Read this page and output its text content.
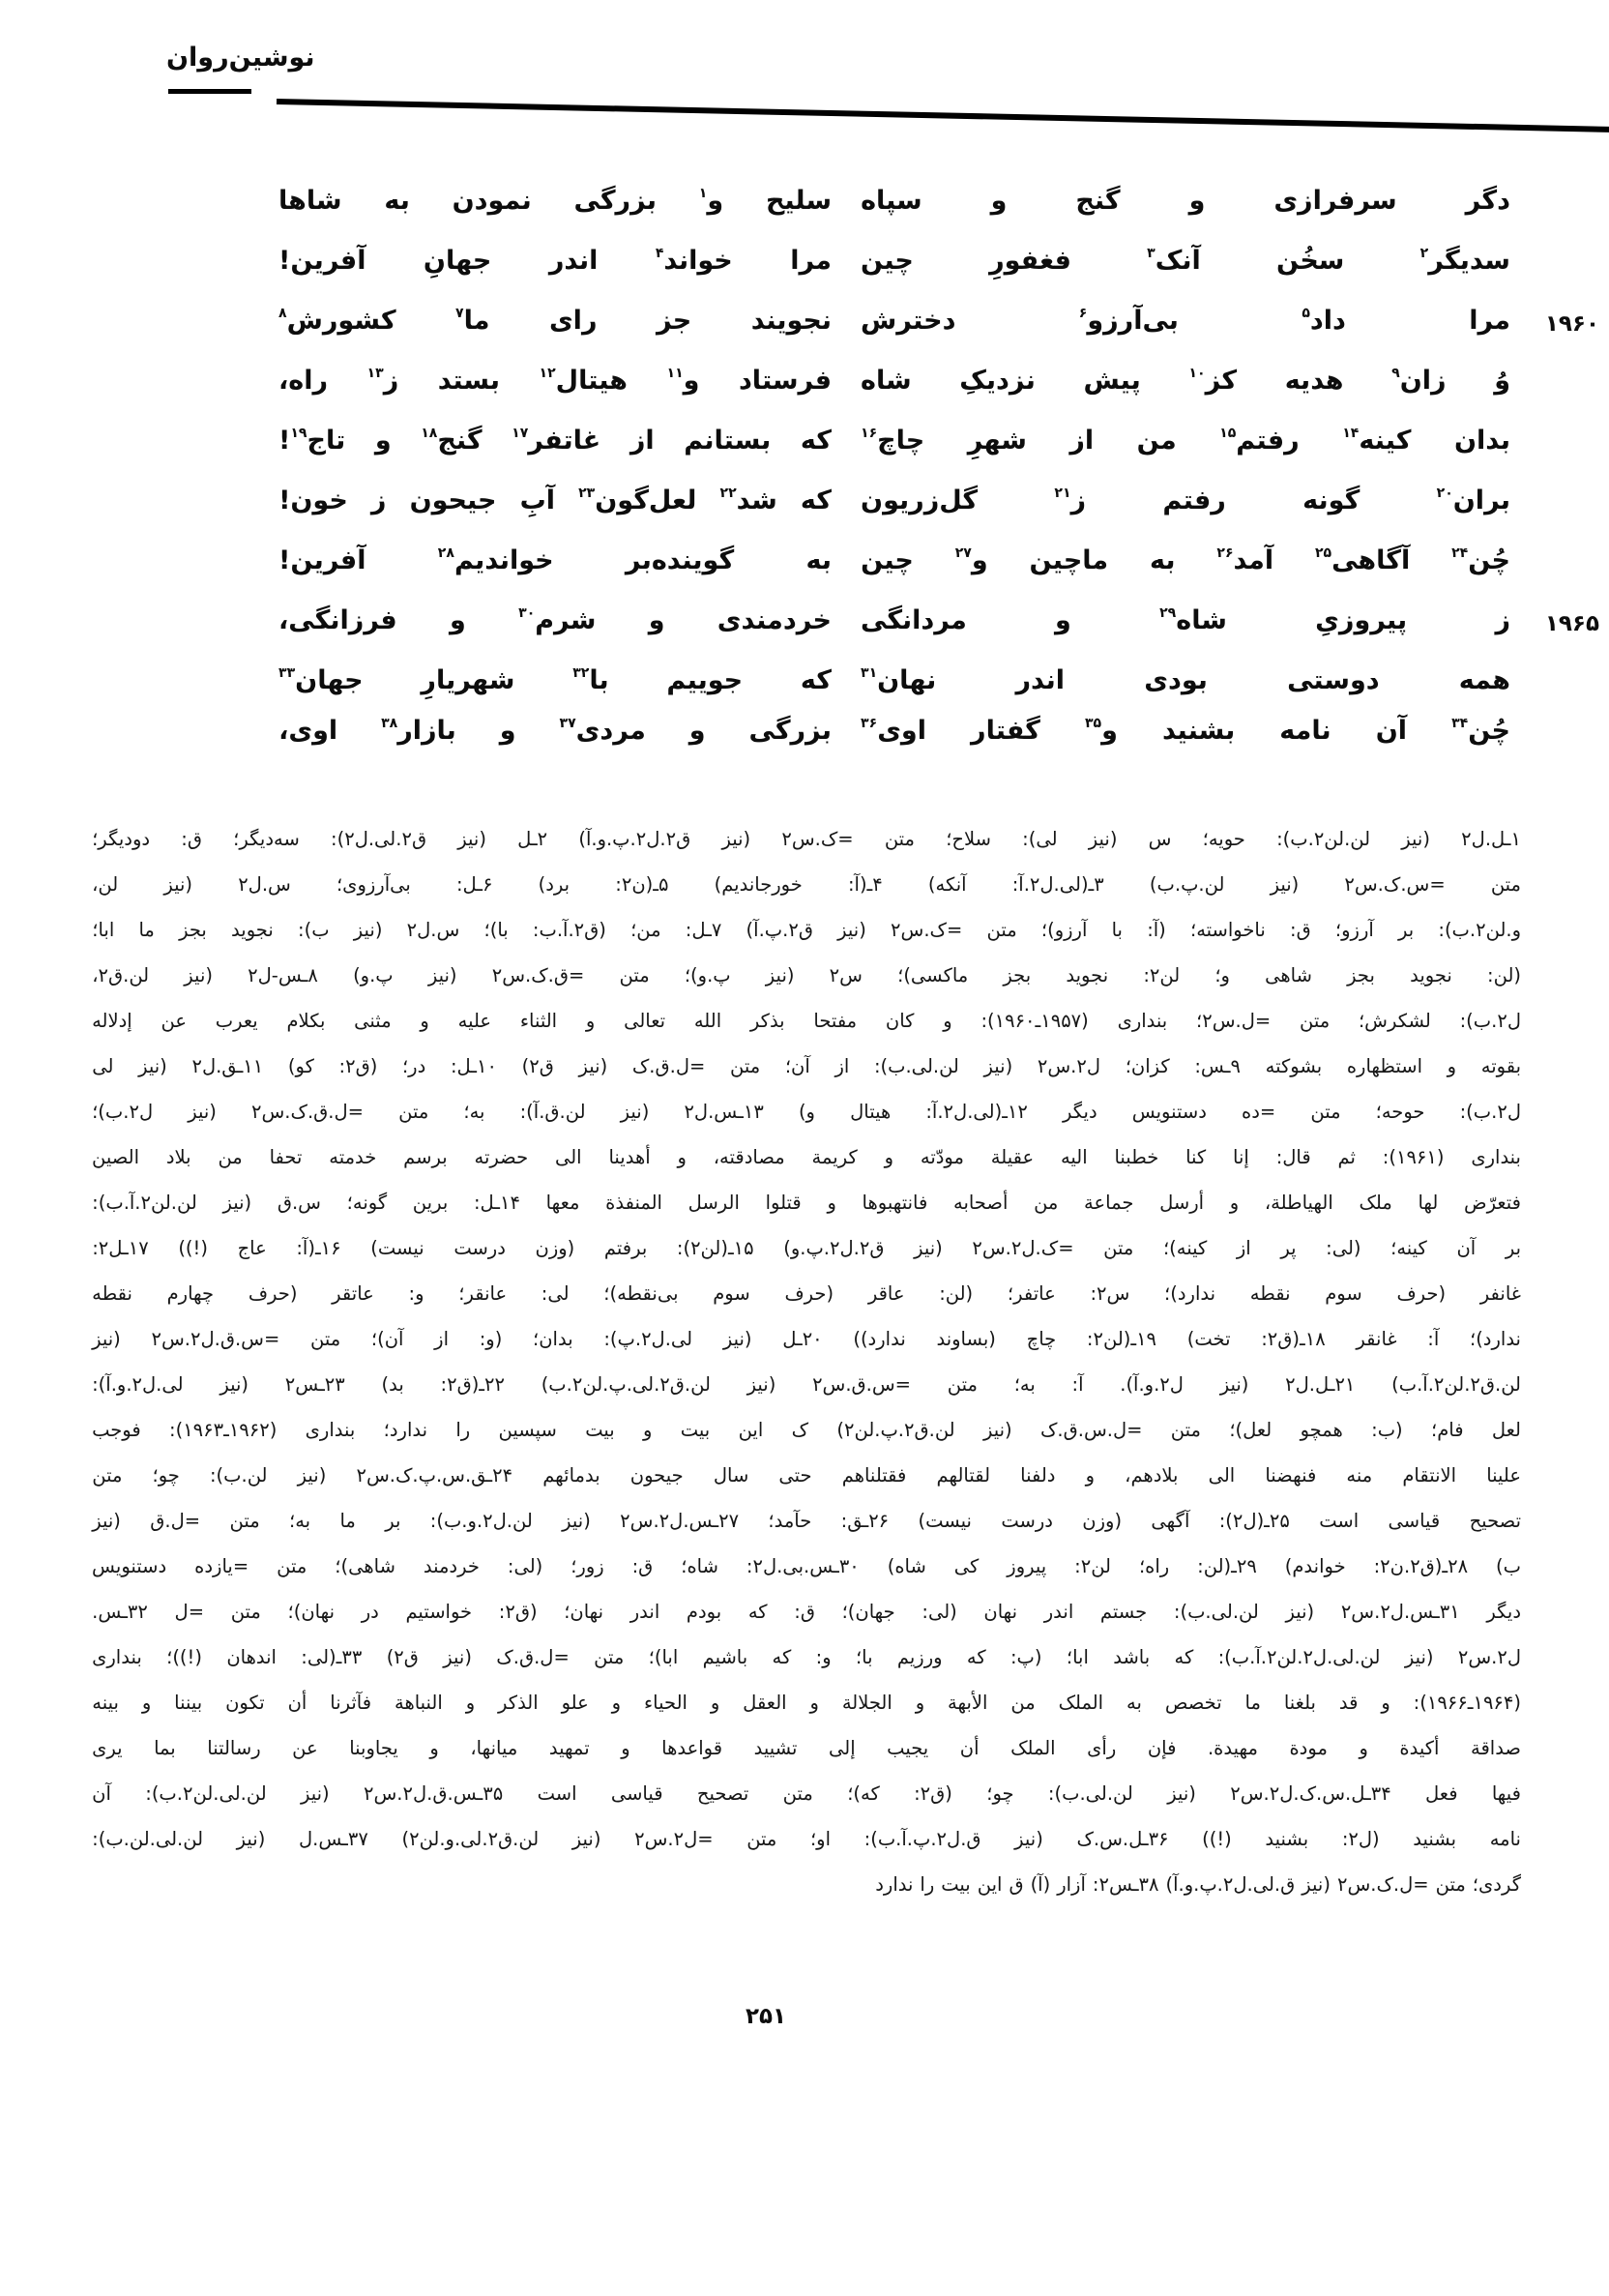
نوشین‌روان
دگر
سرفرازی
و
گنج
و
سپاه
سلیح
و$^۱$
بزرگی
نمودن
به
شاها
سدیگر$^۲$
سخُن
آنک$^۳$
فغفورِ
چین
مرا
خواند$^۴$
اندر
جهانِ
آفرین!
مرا
داد$^۵$
بی‌آرزو$^۶$
دخترش
نجویند
جز
رای
ما$^۷$
کشورش$^۸$	۱۹۶۰
وُ
زان$^۹$
هدیه
کز$^{۱۰}$
پیش
نزدیکِ
شاه
فرستاد
و$^{۱۱}$
هیتال$^{۱۲}$
بستد
ز$^{۱۳}$
راه،
بدان
کینه$^{۱۴}$
رفتم$^{۱۵}$
من
از
شهرِ
چاچ$^{۱۶}$
که
بستانم
از
غاتفر$^{۱۷}$
گنج$^{۱۸}$
و
تاج$^{۱۹}$!
بران$^{۲۰}$
گونه
رفتم
ز$^{۲۱}$
گل‌زریون
که
شد$^{۲۲}$
لعل‌گون$^{۲۳}$
آبِ
جیحون
ز
خون!
چُن$^{۲۴}$
آگاهی$^{۲۵}$
آمد$^{۲۶}$
به
ماچین
و$^{۲۷}$
چین
به
گوینده‌بر
خواندیم$^{۲۸}$
آفرین!
ز
پیروزیِ
شاه$^{۲۹}$
و
مردانگی
خردمندی
و
شرم$^{۳۰}$
و
فرزانگی،	۱۹۶۵
همه
دوستی
بودی
اندر
نهان$^{۳۱}$
که
جوییم
با$^{۳۲}$
شهریارِ
جهان$^{۳۳}$
چُن$^{۳۴}$
آن
نامه
بشنید
و$^{۳۵}$
گفتار
اوی$^{۳۶}$
بزرگی
و
مردی$^{۳۷}$
و
بازار$^{۳۸}$
اوی،
۱ـل.ل۲
(نیز
لن.لن۲.ب):
حویه؛
س
(نیز
لی):
سلاح؛
متن
=ک.س۲
(نیز
ق۲.ل۲.پ.و.آ)
۲ـل
(نیز
ق۲.لی.ل۲):
سه‌دیگر؛
ق:
دودیگر؛
متن
=س.ک.س۲
(نیز
لن.پ.ب)
۳ـ(لی.ل۲.آ:
آنکه)
۴ـ(آ:
خورجاندیم)
۵ـ(ن۲:
برد)
۶ـل:
بی‌آرزوی؛
س.ل۲
(نیز
لن،
و.لن۲.ب):
بر
آرزو؛
ق:
ناخواسته؛
(آ:
با
آرزو)؛
متن
=ک.س۲
(نیز
ق۲.پ.آ)
۷ـل:
من؛
(ق۲.آ.ب:
با)؛
س.ل۲
(نیز
ب):
نجوید
بجز
ما
ابا؛
(لن:
نجوید
بجز
شاهی
و؛
لن۲:
نجوید
بجز
ماکسی)؛
س۲
(نیز
پ.و)؛
متن
=ق.ک.س۲
(نیز
پ.و)
۸ـس-ل۲
(نیز
لن.ق۲،
ل۲.ب):
لشکرش؛
متن
=ل.س۲؛
بنداری
(۱۹۵۷ـ۱۹۶۰):
و
کان
مفتحا
بذکر
الله
تعالی
و
الثناء
علیه
و
مثنی
بکلام
یعرب
عن
إدلاله
بقوته
و
استظهاره
بشوکته
۹ـس:
کزان؛
ل۲.س۲
(نیز
لن.لی.ب):
از
آن؛
متن
=ل.ق.ک
(نیز
ق۲)
۱۰ـل:
در؛
(ق۲:
کو)
۱۱ـق.ل۲
(نیز
لی
ل۲.ب):
حوحه؛
متن
=ده
دستنویس
دیگر
۱۲ـ(لی.ل۲.آ:
هیتال
و)
۱۳ـس.ل۲
(نیز
لن.ق.آ):
به؛
متن
=ل.ق.ک.س۲
(نیز
ل۲.ب)؛
بنداری
(۱۹۶۱):
ثم
قال:
إنا
کنا
خطبنا
الیه
عقیلة
مودّته
و
کریمة
مصادقته،
و
أهدینا
الی
حضرته
برسم
خدمته
تحفا
من
بلاد
الصین
فتعرّض
لها
ملک
الهیاطلة،
و
أرسل
جماعة
من
أصحابه
فانتهبوها
و
قتلوا
الرسل
المنفذة
معها
۱۴ـل:
برین
گونه؛
س.ق
(نیز
لن.لن۲.آ.ب):
بر
آن
کینه؛
(لی:
پر
از
کینه)؛
متن
=ک.ل۲.س۲
(نیز
ق۲.ل۲.پ.و)
۱۵ـ(لن۲):
برفتم
(وزن
درست
نیست)
۱۶ـ(آ:
عاج
(!))
۱۷ـل۲:
غانفر
(حرف
سوم
نقطه
ندارد)؛
س۲:
عاتفر؛
(لن:
عاقر
(حرف
سوم
بی‌نقطه)؛
لی:
عانقر؛
و:
عاتقر
(حرف
چهارم
نقطه
ندارد)؛
آ:
غانقر
۱۸ـ(ق۲:
تخت)
۱۹ـ(لن۲:
چاچ
(بساوند
ندارد))
۲۰ـل
(نیز
لی.ل۲.پ):
بدان؛
(و:
از
آن)؛
متن
=س.ق.ل۲.س۲
(نیز
لن.ق۲.لن۲.آ.ب)
۲۱ـل.ل۲
(نیز
ل۲.و.آ).
آ:
به؛
متن
=س.ق.س۲
(نیز
لن.ق۲.لی.پ.لن۲.ب)
۲۲ـ(ق۲:
بد)
۲۳ـس۲
(نیز
لی.ل۲.و.آ):
لعل
فام؛
(ب:
همچو
لعل)؛
متن
=ل.س.ق.ک
(نیز
لن.ق۲.پ.لن۲)
ک
این
بیت
و
بیت
سپسین
را
ندارد؛
بنداری
(۱۹۶۲ـ۱۹۶۳):
فوجب
علینا
الانتقام
منه
فنهضنا
الی
بلادهم،
و
دلفنا
لقتالهم
فقتلناهم
حتی
سال
جیحون
بدمائهم
۲۴ـق.س.پ.ک.س۲
(نیز
لن.ب):
چو؛
متن
تصحیح
قیاسی
است
۲۵ـ(ل۲):
آگهی
(وزن
درست
نیست)
۲۶ـق:
حآمد؛
۲۷ـس.ل۲.س۲
(نیز
لن.ل۲.و.ب):
بر
ما
به؛
متن
=ل.ق
(نیز
ب)
۲۸ـ(ق۲.ن۲:
خواندم)
۲۹ـ(لن:
راه؛
لن۲:
پیروز
کی
شاه)
۳۰ـس.بی.ل۲:
شاه؛
ق:
زور؛
(لی:
خردمند
شاهی)؛
متن
=یازده
دستنویس
دیگر
۳۱ـس.ل۲.س۲
(نیز
لن.لی.ب):
جستم
اندر
نهان
(لی:
جهان)؛
ق:
که
بودم
اندر
نهان؛
(ق۲:
خواستیم
در
نهان)؛
متن
=ل
۳۲ـس.
ل۲.س۲
(نیز
لن.لی.ل۲.لن۲.آ.ب):
که
باشد
ابا؛
(پ:
که
ورزیم
با؛
و:
که
باشیم
ابا)؛
متن
=ل.ق.ک
(نیز
ق۲)
۳۳ـ(لی:
اندهان
(!))؛
بنداری
(۱۹۶۴ـ۱۹۶۶):
و
قد
بلغنا
ما
تخصص
به
الملک
من
الأبهة
و
الجلالة
و
العقل
و
الحیاء
و
علو
الذکر
و
النباهة
فآثرنا
أن
تکون
بیننا
و
بینه
صداقة
أکیدة
و
مودة
مهیدة.
فإن
رأی
الملک
أن
یجیب
إلی
تشیید
قواعدها
و
تمهید
میانها،
و
یجاوبنا
عن
رسالتنا
بما
یری
فیها
فعل
۳۴ـل.س.ک.ل۲.س۲
(نیز
لن.لی.ب):
چو؛
(ق۲:
که)؛
متن
تصحیح
قیاسی
است
۳۵ـس.ق.ل۲.س۲
(نیز
لن.لی.لن۲.ب):
آن
نامه
بشنید
(ل۲:
بشنید
(!))
۳۶ـل.س.ک
(نیز
ق.ل۲.پ.آ.ب):
او؛
متن
=ل۲.س۲
(نیز
لن.ق۲.لی.و.لن۲)
۳۷ـس.ل
(نیز
لن.لی.لن.ب):
گردی؛
متن
=ل.ک.س۲
(نیز
ق.لی.ل۲.پ.و.آ)
۳۸ـس۲:
آزار
(آ)
ق
این
بیت
را
ندارد
۲۵۱
